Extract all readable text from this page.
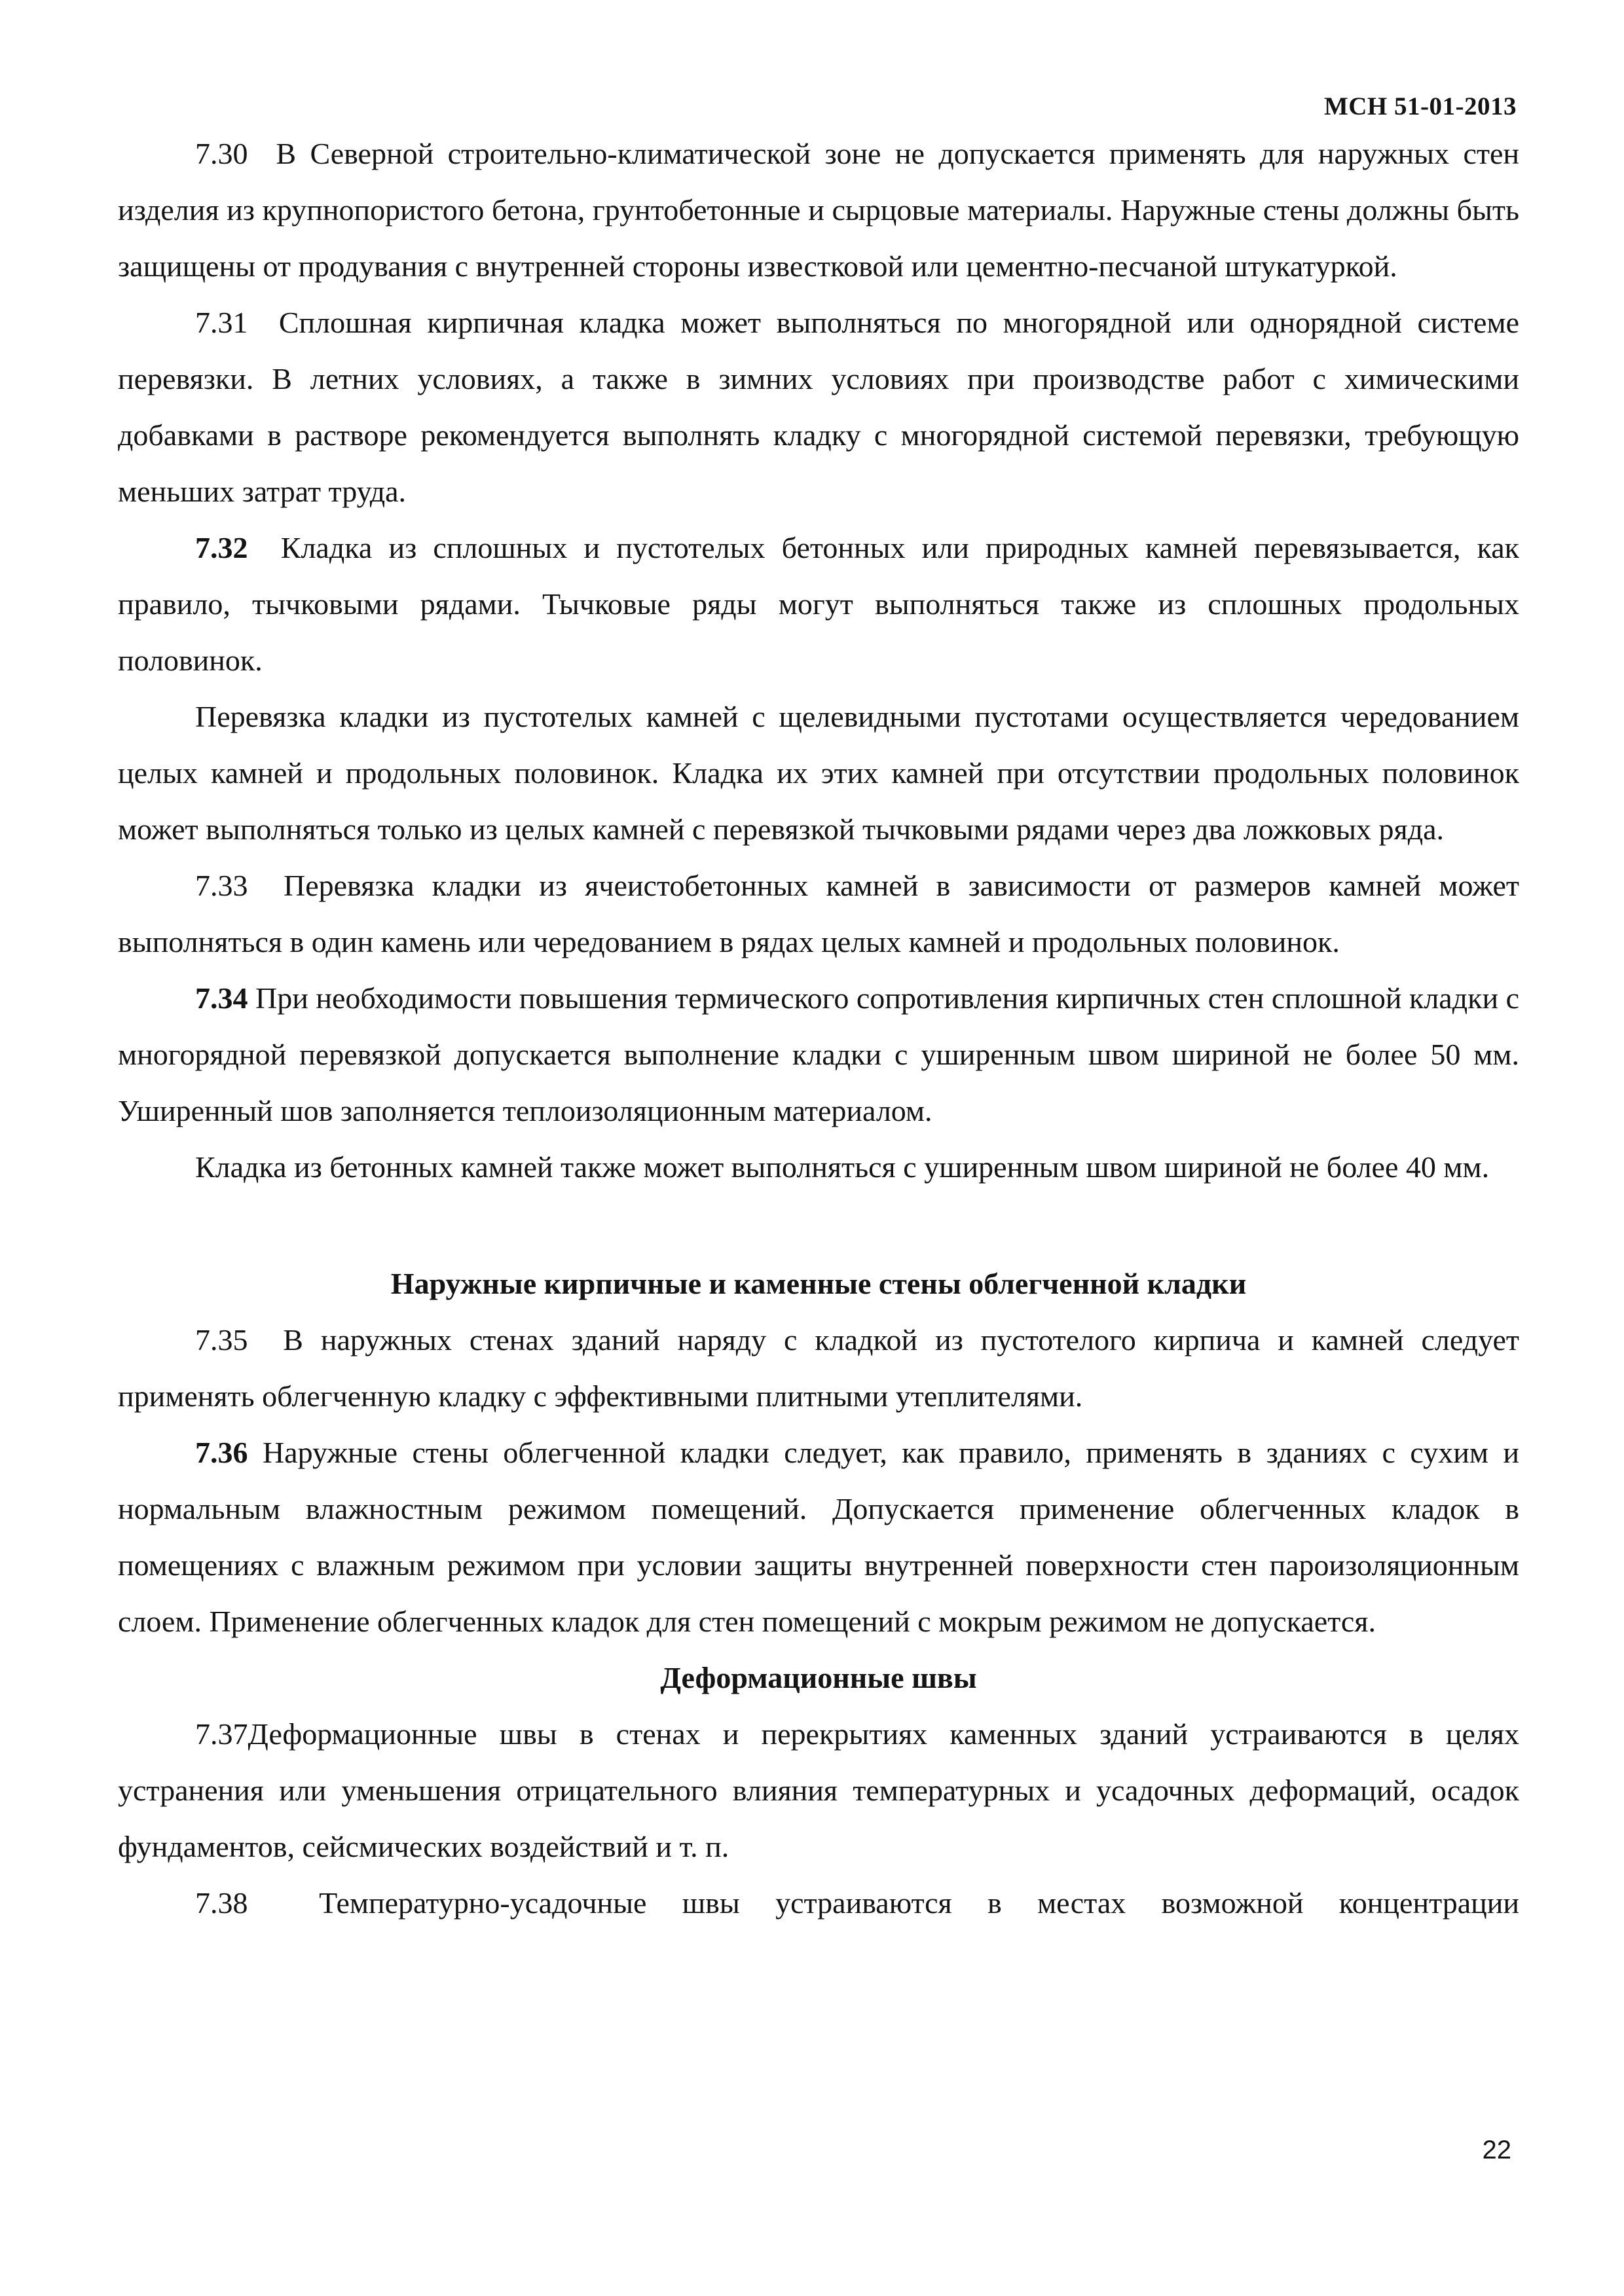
МСН 51-01-2013

7.30 В Северной строительно-климатической зоне не допускается применять для наружных стен изделия из крупнопористого бетона, грунтобетонные и сырцовые материалы. Наружные стены должны быть защищены от продувания с внутренней стороны известковой или цементно-песчаной штукатуркой.

7.31 Сплошная кирпичная кладка может выполняться по многорядной или однорядной системе перевязки. В летних условиях, а также в зимних условиях при производстве работ с химическими добавками в растворе рекомендуется выполнять кладку с многорядной системой перевязки, требующую меньших затрат труда.

7.32 Кладка из сплошных и пустотелых бетонных или природных камней перевязывается, как правило, тычковыми рядами. Тычковые ряды могут выполняться также из сплошных продольных половинок.

Перевязка кладки из пустотелых камней с щелевидными пустотами осуществляется чередованием целых камней и продольных половинок. Кладка их этих камней при отсутствии продольных половинок может выполняться только из целых камней с перевязкой тычковыми рядами через два ложковых ряда.

7.33 Перевязка кладки из ячеистобетонных камней в зависимости от размеров камней может выполняться в один камень или чередованием в рядах целых камней и продольных половинок.

7.34 При необходимости повышения термического сопротивления кирпичных стен сплошной кладки с многорядной перевязкой допускается выполнение кладки с уширенным швом шириной не более 50 мм. Уширенный шов заполняется теплоизоляционным материалом.

Кладка из бетонных камней также может выполняться с уширенным швом шириной не более 40 мм.

Наружные кирпичные и каменные стены облегченной кладки

7.35 В наружных стенах зданий наряду с кладкой из пустотелого кирпича и камней следует применять облегченную кладку с эффективными плитными утеплителями.

7.36 Наружные стены облегченной кладки следует, как правило, применять в зданиях с сухим и нормальным влажностным режимом помещений. Допускается применение облегченных кладок в помещениях с влажным режимом при условии защиты внутренней поверхности стен пароизоляционным слоем. Применение облегченных кладок для стен помещений с мокрым режимом не допускается.

Деформационные швы

7.37Деформационные швы в стенах и перекрытиях каменных зданий устраиваются в целях устранения или уменьшения отрицательного влияния температурных и усадочных деформаций, осадок фундаментов, сейсмических воздействий и т. п.

7.38 Температурно-усадочные швы устраиваются в местах возможной концентрации

22
